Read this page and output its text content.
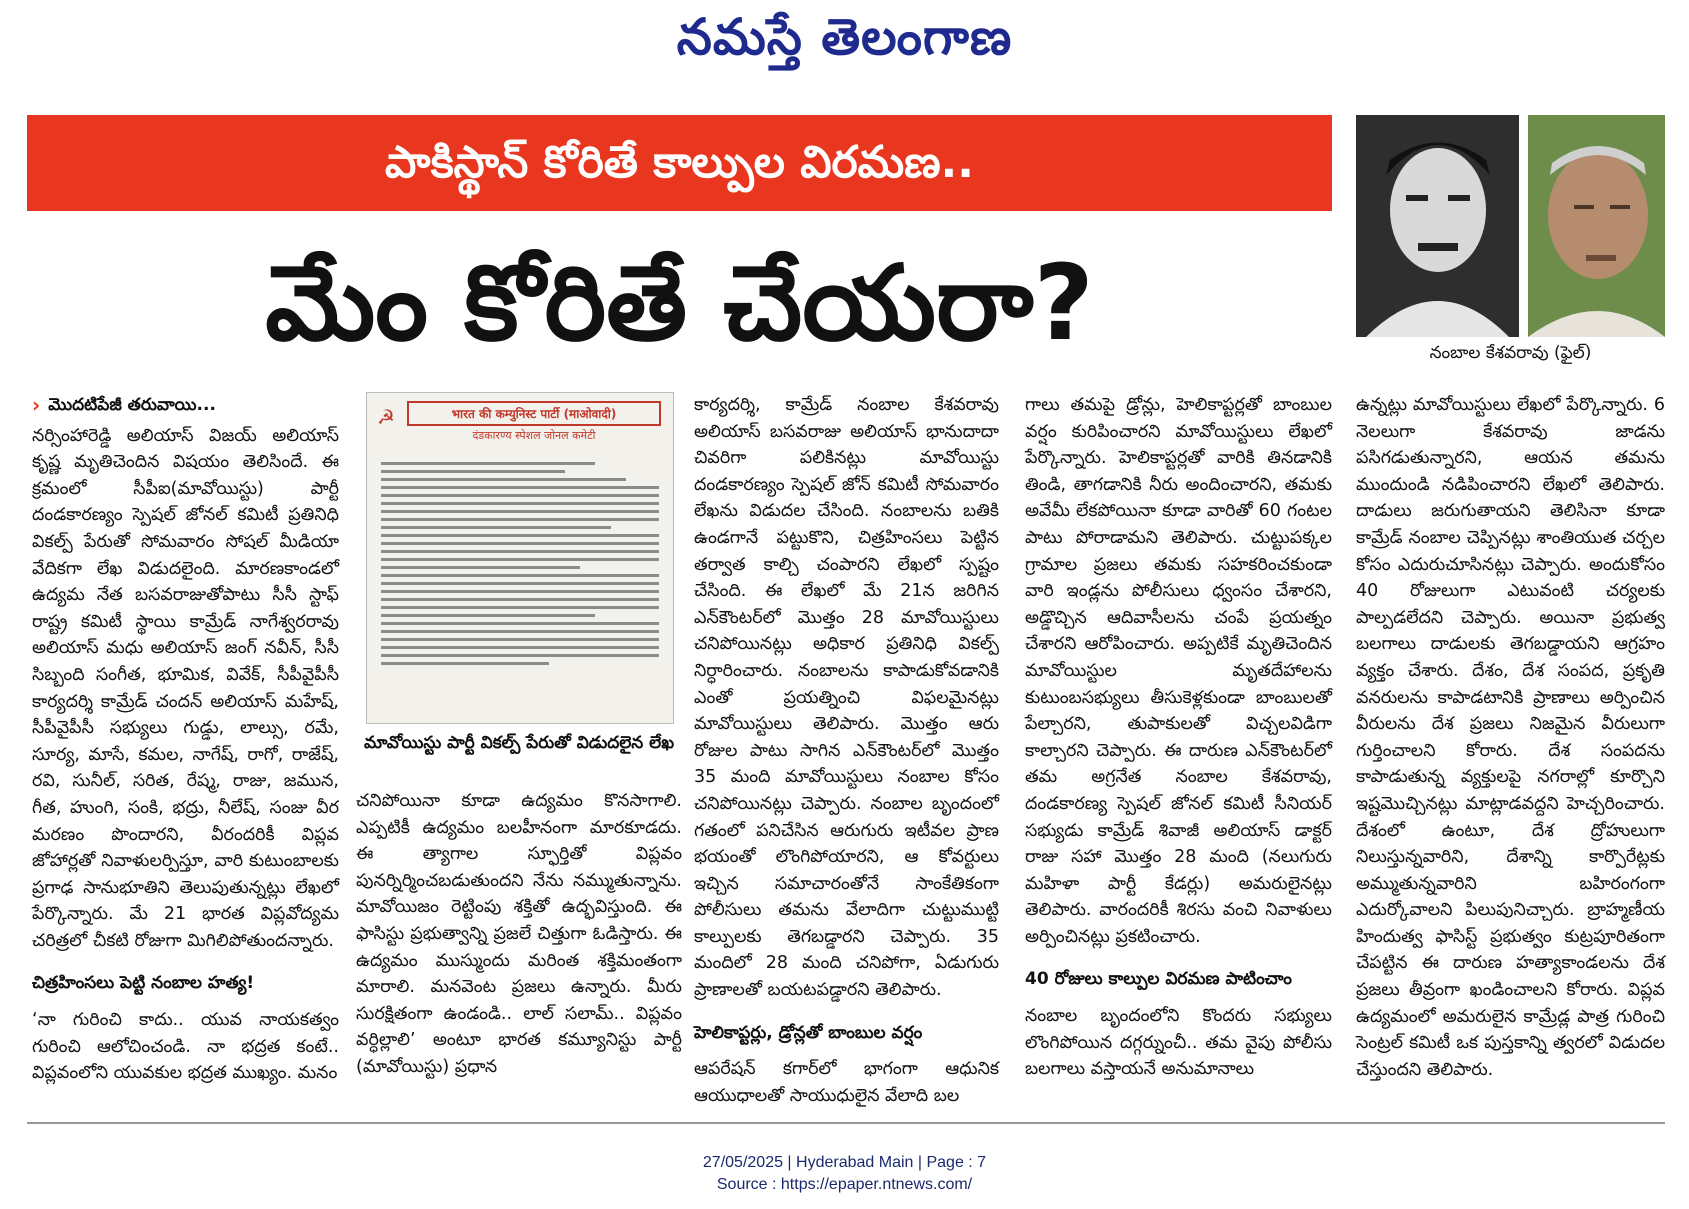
నమస్తే తెలంగాణ
పాకిస్థాన్ కోరితే కాల్పుల విరమణ..
మేం కోరితే చేయరా?	నంబాల కేశవరావు (ఫైల్)
› మొదటిపేజీ తరువాయి...

నర్సింహారెడ్డి అలియాస్ విజయ్ అలియాస్ కృష్ణ మృతిచెందిన విషయం తెలిసిందే. ఈ క్రమంలో సీపీఐ(మావోయిస్టు) పార్టీ దండకారణ్యం స్పెషల్ జోనల్ కమిటీ ప్రతినిధి వికల్ప్ పేరుతో సోమవారం సోషల్ మీడియా వేదికగా లేఖ విడుదలైంది. మారణకాండలో ఉద్యమ నేత బసవరాజుతోపాటు సీసీ స్టాఫ్ రాష్ట్ర కమిటీ స్థాయి కామ్రేడ్ నాగేశ్వరరావు అలియాస్ మధు అలియాస్ జంగ్ నవీన్, సీసీ సిబ్బంది సంగీత, భూమిక, వివేక్, సీపీవైపీసీ కార్యదర్శి కామ్రేడ్ చందన్ అలియాస్ మహేష్, సీపీవైపీసీ సభ్యులు గుడ్డు, లాల్సు, రమే, సూర్య, మాసే, కమల, నాగేష్, రాగో, రాజేష్, రవి, సునీల్, సరిత, రేష్మ, రాజు, జమున, గీత, హుంగి, సంకి, భద్రు, నీలేష్, సంజు వీర మరణం పొందారని, వీరందరికీ విప్లవ జోహార్లతో నివాళులర్పిస్తూ, వారి కుటుంబాలకు ప్రగాఢ సానుభూతిని తెలుపుతున్నట్లు లేఖలో పేర్కొన్నారు. మే 21 భారత విప్లవోద్యమ చరిత్రలో చీకటి రోజుగా మిగిలిపోతుందన్నారు.

చిత్రహింసలు పెట్టి నంబాల హత్య!

‘నా గురించి కాదు.. యువ నాయకత్వం గురించి ఆలోచించండి. నా భద్రత కంటే.. విప్లవంలోని యువకుల భద్రత ముఖ్యం. మనం

☭	भारत की कम्युनिस्ट पार्टी (माओवादी)
दंडकारण्य स्पेशल जोनल कमेटी
మావోయిస్టు పార్టీ వికల్ప్ పేరుతో విడుదలైన లేఖ

చనిపోయినా కూడా ఉద్యమం కొనసాగాలి. ఎప్పటికీ ఉద్యమం బలహీనంగా మారకూడదు. ఈ త్యాగాల స్ఫూర్తితో విప్లవం పునర్నిర్మించబడుతుందని నేను నమ్ముతున్నాను. మావోయిజం రెట్టింపు శక్తితో ఉద్భవిస్తుంది. ఈ ఫాసిస్టు ప్రభుత్వాన్ని ప్రజలే చిత్తుగా ఓడిస్తారు. ఈ ఉద్యమం ముస్ముందు మరింత శక్తిమంతంగా మారాలి. మనవెంట ప్రజలు ఉన్నారు. మీరు సురక్షితంగా ఉండండి.. లాల్ సలామ్.. విప్లవం వర్ధిల్లాలి’ అంటూ భారత కమ్యూనిస్టు పార్టీ (మావోయిస్టు) ప్రధాన

కార్యదర్శి, కామ్రేడ్ నంబాల కేశవరావు అలియాస్ బసవరాజు అలియాస్ భానుదాదా చివరిగా పలికినట్లు మావోయిస్టు దండకారణ్యం స్పెషల్ జోన్ కమిటీ సోమవారం లేఖను విడుదల చేసింది. నంబాలను బతికి ఉండగానే పట్టుకొని, చిత్రహింసలు పెట్టిన తర్వాత కాల్చి చంపారని లేఖలో స్పష్టం చేసింది. ఈ లేఖలో మే 21న జరిగిన ఎన్‌కౌంటర్‌లో మొత్తం 28 మావోయిస్టులు చనిపోయినట్లు అధికార ప్రతినిధి వికల్ప్ నిర్ధారించారు. నంబాలను కాపాడుకోవడానికి ఎంతో ప్రయత్నించి విఫలమైనట్లు మావోయిస్టులు తెలిపారు. మొత్తం ఆరు రోజుల పాటు సాగిన ఎన్‌కౌంటర్‌లో మొత్తం 35 మంది మావోయిస్టులు నంబాల కోసం చనిపోయినట్లు చెప్పారు. నంబాల బృందంలో గతంలో పనిచేసిన ఆరుగురు ఇటీవల ప్రాణ భయంతో లొంగిపోయారని, ఆ కోవర్టులు ఇచ్చిన సమాచారంతోనే సాంకేతికంగా పోలీసులు తమను వేలాదిగా చుట్టుముట్టి కాల్పులకు తెగబడ్డారని చెప్పారు. 35 మందిలో 28 మంది చనిపోగా, ఏడుగురు ప్రాణాలతో బయటపడ్డారని తెలిపారు.

హెలికాప్టర్లు, డ్రోన్లతో బాంబుల వర్షం

ఆపరేషన్ కగార్‌లో భాగంగా ఆధునిక ఆయుధాలతో సాయుధులైన వేలాది బల

గాలు తమపై డ్రోన్లు, హెలికాప్టర్లతో బాంబుల వర్షం కురిపించారని మావోయిస్టులు లేఖలో పేర్కొన్నారు. హెలికాప్టర్లతో వారికి తినడానికి తిండి, తాగడానికి నీరు అందించారని, తమకు అవేమీ లేకపోయినా కూడా వారితో 60 గంటల పాటు పోరాడామని తెలిపారు. చుట్టుపక్కల గ్రామాల ప్రజలు తమకు సహకరించకుండా వారి ఇండ్లను పోలీసులు ధ్వంసం చేశారని, అడ్డొచ్చిన ఆదివాసీలను చంపే ప్రయత్నం చేశారని ఆరోపించారు. అప్పటికే మృతిచెందిన మావోయిస్టుల మృతదేహాలను కుటుంబసభ్యులు తీసుకెళ్లకుండా బాంబులతో పేల్చారని, తుపాకులతో విచ్చలవిడిగా కాల్చారని చెప్పారు. ఈ దారుణ ఎన్‌కౌంటర్‌లో తమ అగ్రనేత నంబాల కేశవరావు, దండకారణ్య స్పెషల్ జోనల్ కమిటీ సీనియర్ సభ్యుడు కామ్రేడ్ శివాజీ అలియాస్ డాక్టర్ రాజు సహా మొత్తం 28 మంది (నలుగురు మహిళా పార్టీ కేడర్లు) అమరులైనట్లు తెలిపారు. వారందరికీ శిరసు వంచి నివాళులు అర్పించినట్లు ప్రకటించారు.

40 రోజులు కాల్పుల విరమణ పాటించాం

నంబాల బృందంలోని కొందరు సభ్యులు లొంగిపోయిన దగ్గర్నుంచీ.. తమ వైపు పోలీసు బలగాలు వస్తాయనే అనుమానాలు

ఉన్నట్లు మావోయిస్టులు లేఖలో పేర్కొన్నారు. 6 నెలలుగా కేశవరావు జాడను పసిగడుతున్నారని, ఆయన తమను ముందుండి నడిపించారని లేఖలో తెలిపారు. దాడులు జరుగుతాయని తెలిసినా కూడా కామ్రేడ్ నంబాల చెప్పినట్లు శాంతియుత చర్చల కోసం ఎదురుచూసినట్లు చెప్పారు. అందుకోసం 40 రోజులుగా ఎటువంటి చర్యలకు పాల్పడలేదని చెప్పారు. అయినా ప్రభుత్వ బలగాలు దాడులకు తెగబడ్డాయని ఆగ్రహం వ్యక్తం చేశారు. దేశం, దేశ సంపద, ప్రకృతి వనరులను కాపాడటానికి ప్రాణాలు అర్పించిన వీరులను దేశ ప్రజలు నిజమైన వీరులుగా గుర్తించాలని కోరారు. దేశ సంపదను కాపాడుతున్న వ్యక్తులపై నగరాల్లో కూర్చొని ఇష్టమొచ్చినట్లు మాట్లాడవద్దని హెచ్చరించారు. దేశంలో ఉంటూ, దేశ ద్రోహులుగా నిలుస్తున్నవారిని, దేశాన్ని కార్పొరేట్లకు అమ్ముతున్నవారిని బహిరంగంగా ఎదుర్కోవాలని పిలుపునిచ్చారు. బ్రాహ్మణీయ హిందుత్వ ఫాసిస్ట్ ప్రభుత్వం కుట్రపూరితంగా చేపట్టిన ఈ దారుణ హత్యాకాండలను దేశ ప్రజలు తీవ్రంగా ఖండించాలని కోరారు. విప్లవ ఉద్యమంలో అమరులైన కామ్రేడ్ల పాత్ర గురించి సెంట్రల్ కమిటీ ఒక పుస్తకాన్ని త్వరలో విడుదల చేస్తుందని తెలిపారు.

27/05/2025 | Hyderabad Main | Page : 7
Source : https://epaper.ntnews.com/
